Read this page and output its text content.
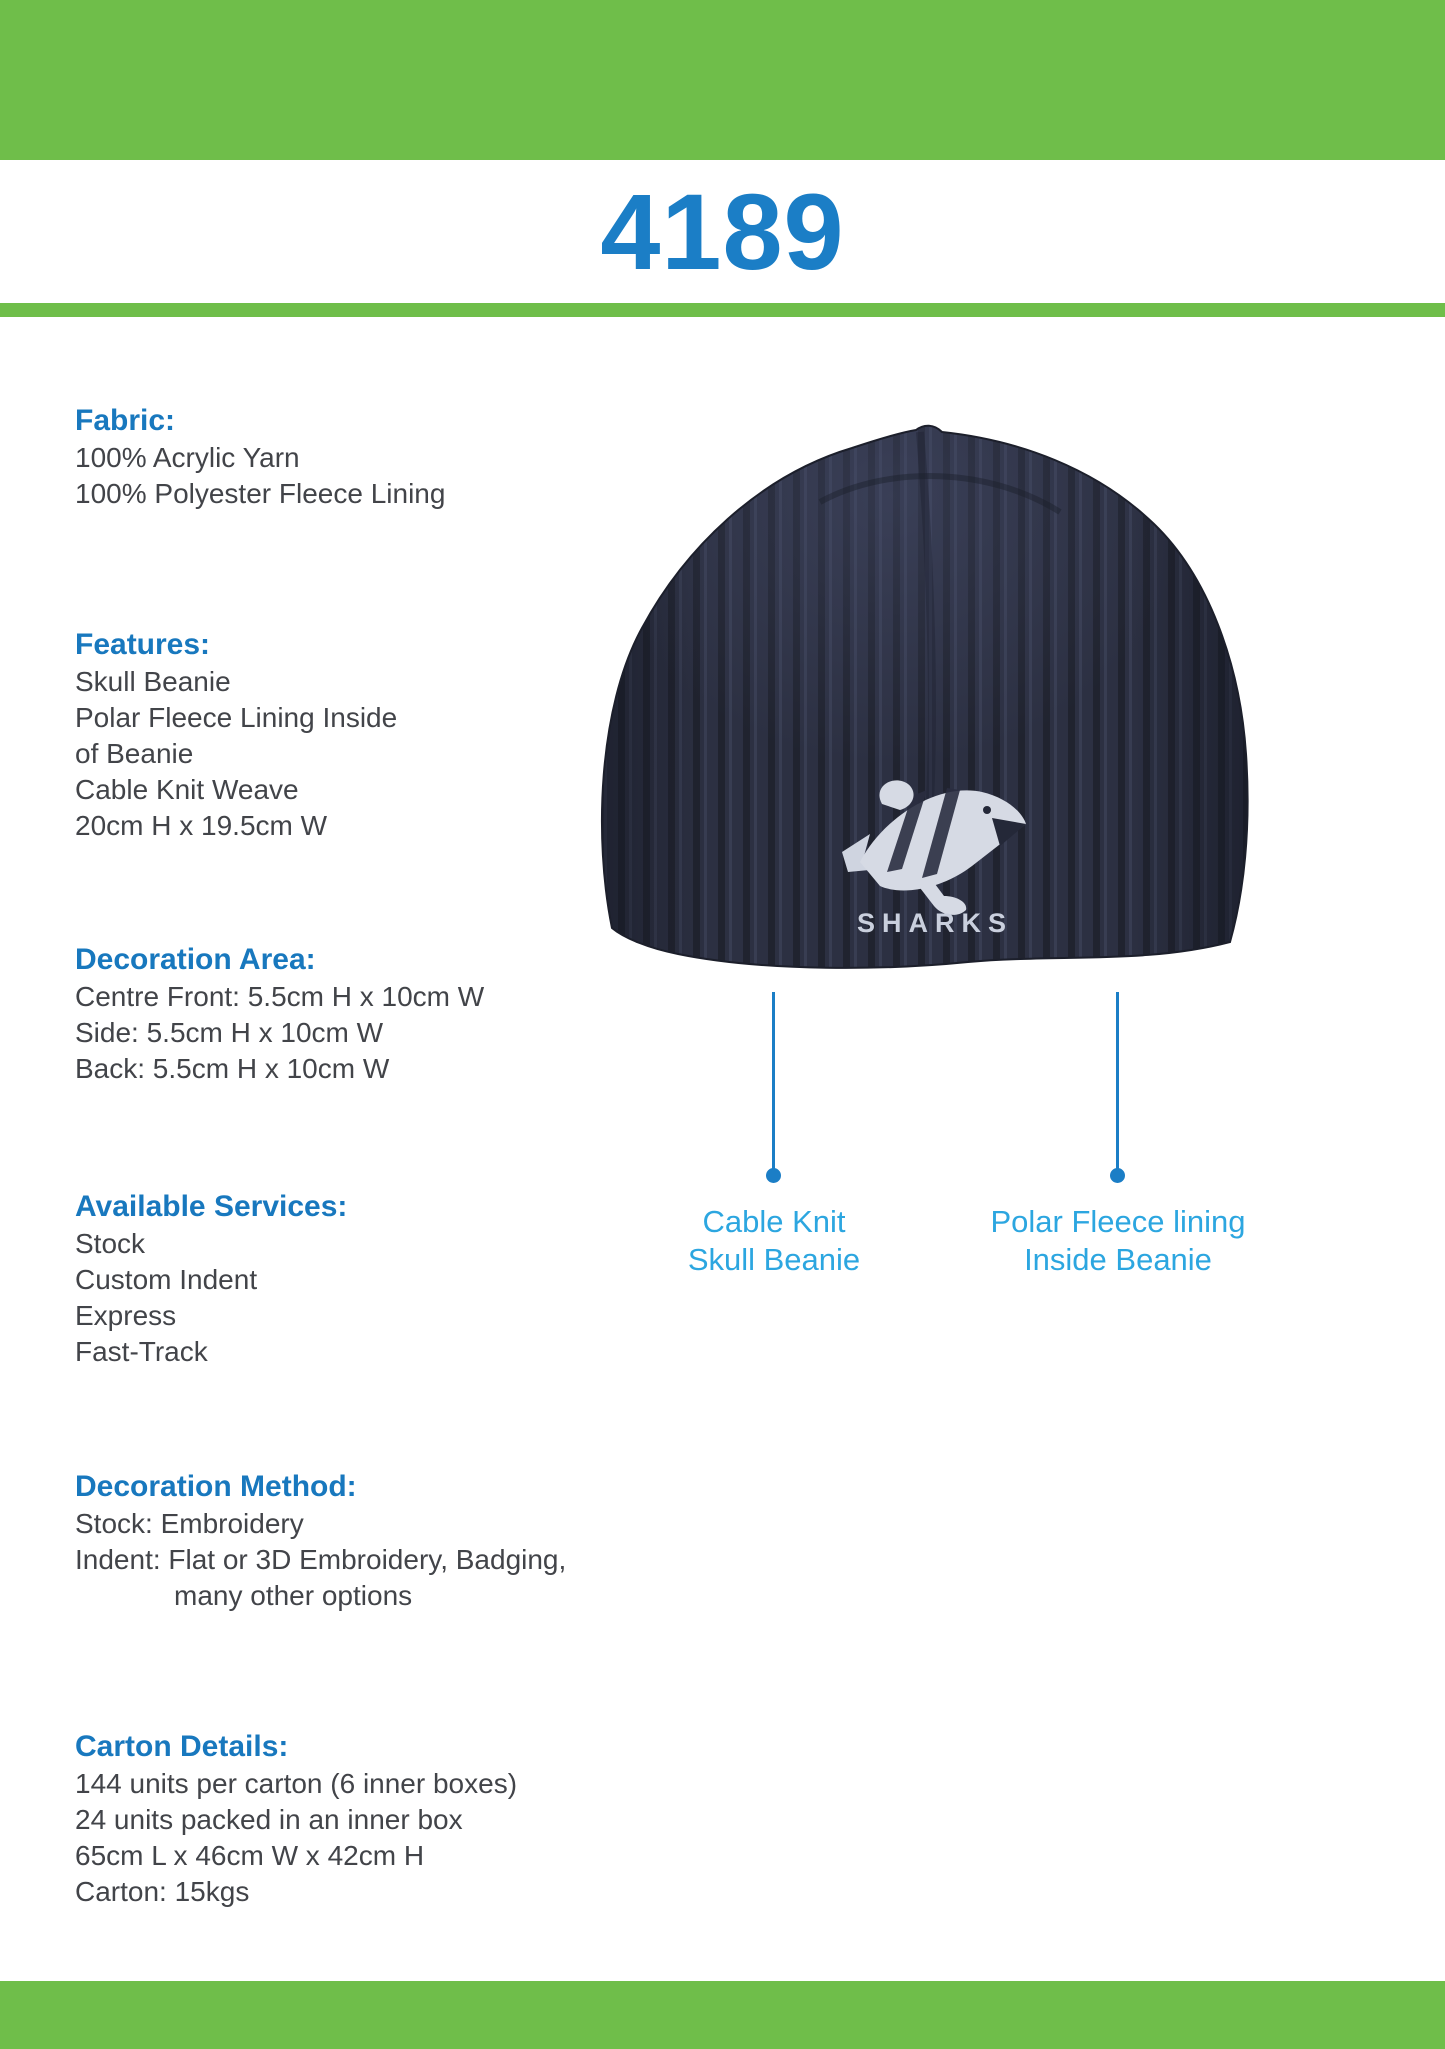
4189
Fabric:

100% Acrylic Yarn

100% Polyester Fleece Lining

Features:

Skull Beanie

Polar Fleece Lining Inside

of Beanie

Cable Knit Weave

20cm H x 19.5cm W

Decoration Area:

Centre Front: 5.5cm H x 10cm W

Side: 5.5cm H x 10cm W

Back: 5.5cm H x 10cm W

Available Services:

Stock

Custom Indent

Express

Fast-Track

Decoration Method:

Stock: Embroidery

Indent: Flat or 3D Embroidery, Badging,

many other options

Carton Details:

144 units per carton (6 inner boxes)

24 units packed in an inner box

65cm L x 46cm W x 42cm H

Carton: 15kgs

SHARKS
Cable Knit
Skull Beanie
Polar Fleece lining
Inside Beanie
